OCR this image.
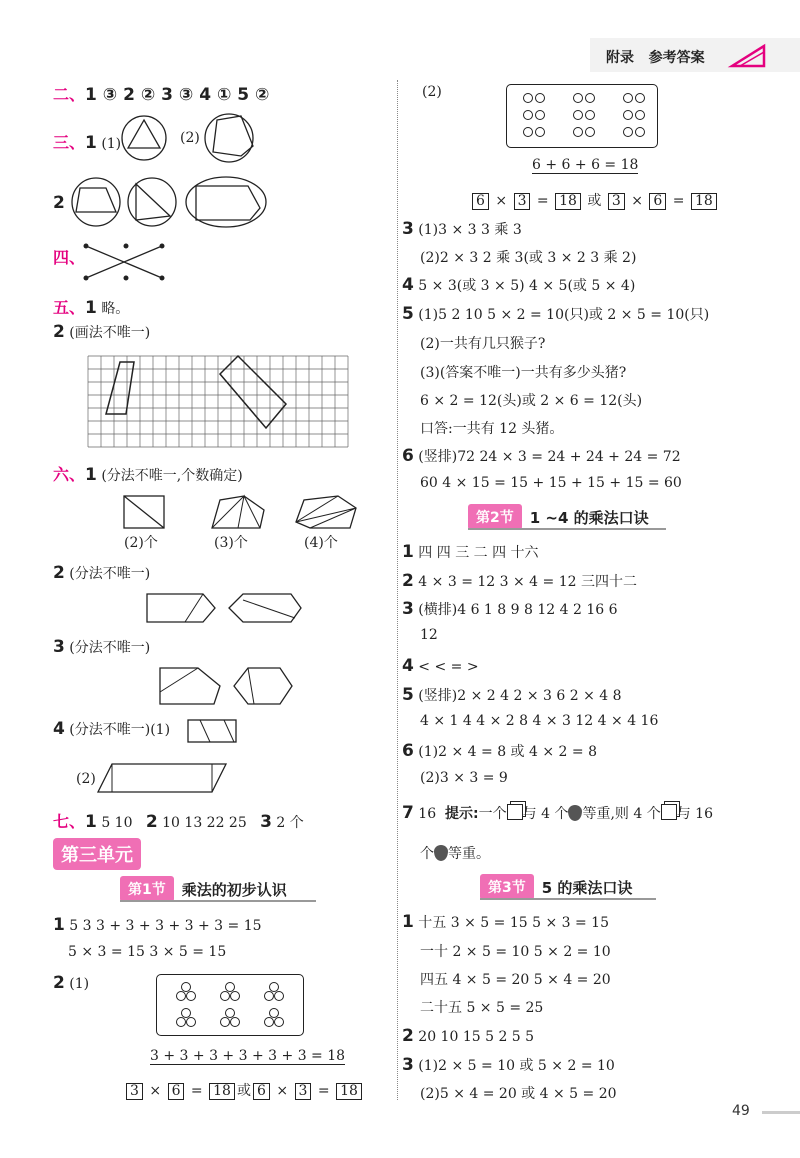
附录 参考答案
二、1 ③ 2 ② 3 ③ 4 ① 5 ②
三、1 (1)	(2)
2
四、
五、1 略。
2 (画法不唯一)
六、1 (分法不唯一,个数确定)
(2)个	(3)个	(4)个
2 (分法不唯一)
3 (分法不唯一)
4 (分法不唯一)(1)
(2)
七、1 5 10 2 10 13 22 25 3 2 个
第三单元
第1节	乘法的初步认识
1 5 3 3 + 3 + 3 + 3 + 3 = 15
5 × 3 = 15 3 × 5 = 15
2 (1)
3 + 3 + 3 + 3 + 3 + 3 = 18
3 × 6 = 18 或 6 × 3 = 18
(2)
6 + 6 + 6 = 18
6 × 3 = 18 或 3 × 6 = 18
3 (1)3 × 3 3 乘 3
(2)2 × 3 2 乘 3(或 3 × 2 3 乘 2)
4 5 × 3(或 3 × 5) 4 × 5(或 5 × 4)
5 (1)5 2 10 5 × 2 = 10(只)或 2 × 5 = 10(只)
(2)一共有几只猴子?
(3)(答案不唯一)一共有多少头猪?
6 × 2 = 12(头)或 2 × 6 = 12(头)
口答:一共有 12 头猪。
6 (竖排)72 24 × 3 = 24 + 24 + 24 = 72
60 4 × 15 = 15 + 15 + 15 + 15 = 60
第2节	1 ~4 的乘法口诀
1 四 四 三 二 四 十六
2 4 × 3 = 12 3 × 4 = 12 三四十二
3 (横排)4 6 1 8 9 8 12 4 2 16 6
12
4 < < = >
5 (竖排)2 × 2 4 2 × 3 6 2 × 4 8
4 × 1 4 4 × 2 8 4 × 3 12 4 × 4 16
6 (1)2 × 4 = 8 或 4 × 2 = 8
(2)3 × 3 = 9
7 16 提示:一个 与 4 个 等重,则 4 个 与 16
个 等重。
第3节	5 的乘法口诀
1 十五 3 × 5 = 15 5 × 3 = 15
一十 2 × 5 = 10 5 × 2 = 10
四五 4 × 5 = 20 5 × 4 = 20
二十五 5 × 5 = 25
2 20 10 15 5 2 5 5
3 (1)2 × 5 = 10 或 5 × 2 = 10
(2)5 × 4 = 20 或 4 × 5 = 20
49
